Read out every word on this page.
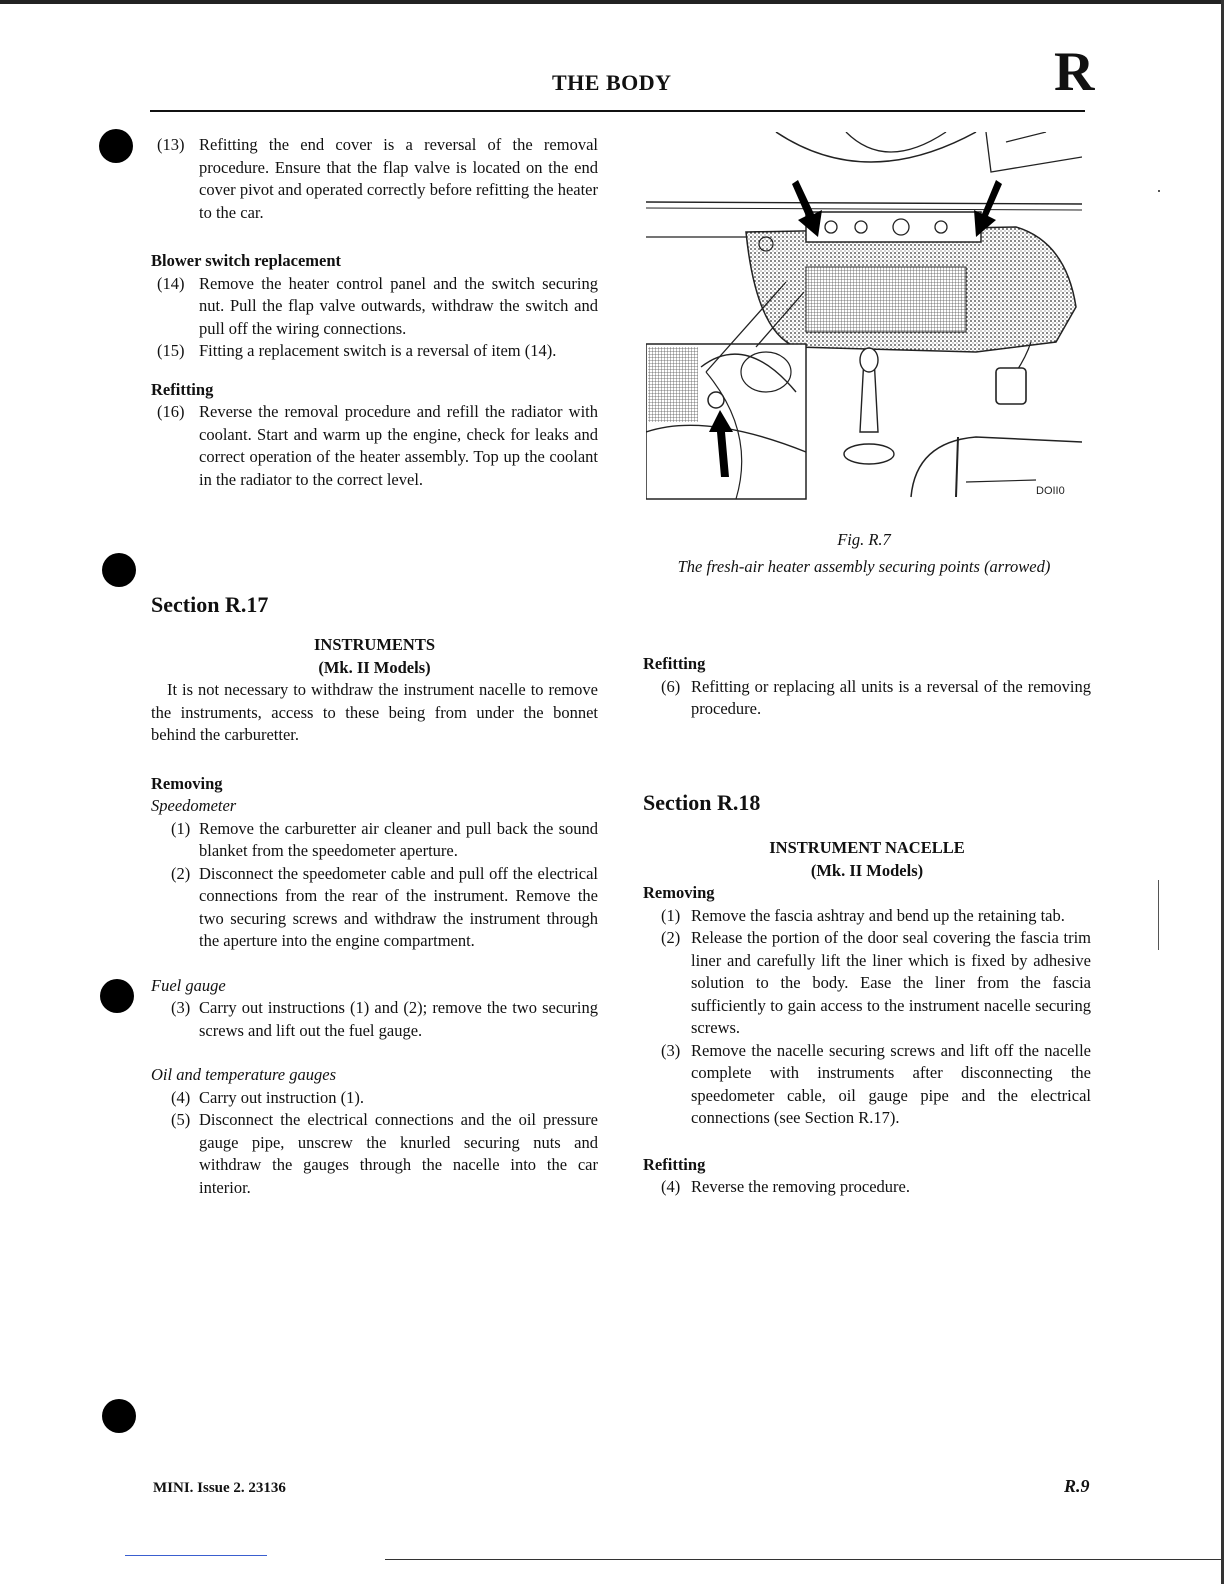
THE BODY	R

(13) Refitting the end cover is a reversal of the removal procedure. Ensure that the flap valve is located on the end cover pivot and operated correctly before refitting the heater to the car.

Blower switch replacement

(14) Remove the heater control panel and the switch securing nut. Pull the flap valve outwards, withdraw the switch and pull off the wiring connections.

(15) Fitting a replacement switch is a reversal of item (14).

Refitting

(16) Reverse the removal procedure and refill the radiator with coolant. Start and warm up the engine, check for leaks and correct operation of the heater assembly. Top up the coolant in the radiator to the correct level.

DOII0
Fig. R.7
The fresh-air heater assembly securing points (arrowed)
Section R.17

INSTRUMENTS

(Mk. II Models)

It is not necessary to withdraw the instrument nacelle to remove the instruments, access to these being from under the bonnet behind the carburetter.

Removing

Speedometer

(1) Remove the carburetter air cleaner and pull back the sound blanket from the speedometer aperture.

(2) Disconnect the speedometer cable and pull off the electrical connections from the rear of the instrument. Remove the two securing screws and withdraw the instrument through the aperture into the engine compartment.

Fuel gauge

(3) Carry out instructions (1) and (2); remove the two securing screws and lift out the fuel gauge.

Oil and temperature gauges

(4) Carry out instruction (1).

(5) Disconnect the electrical connections and the oil pressure gauge pipe, unscrew the knurled securing nuts and withdraw the gauges through the nacelle into the car interior.

Refitting

(6) Refitting or replacing all units is a reversal of the removing procedure.

Section R.18

INSTRUMENT NACELLE

(Mk. II Models)

Removing

(1) Remove the fascia ashtray and bend up the retaining tab.

(2) Release the portion of the door seal covering the fascia trim liner and carefully lift the liner which is fixed by adhesive solution to the body. Ease the liner from the fascia sufficiently to gain access to the instrument nacelle securing screws.

(3) Remove the nacelle securing screws and lift off the nacelle complete with instruments after disconnecting the speedometer cable, oil gauge pipe and the electrical connections (see Section R.17).

Refitting

(4) Reverse the removing procedure.

MINI. Issue 2. 23136	R.9
